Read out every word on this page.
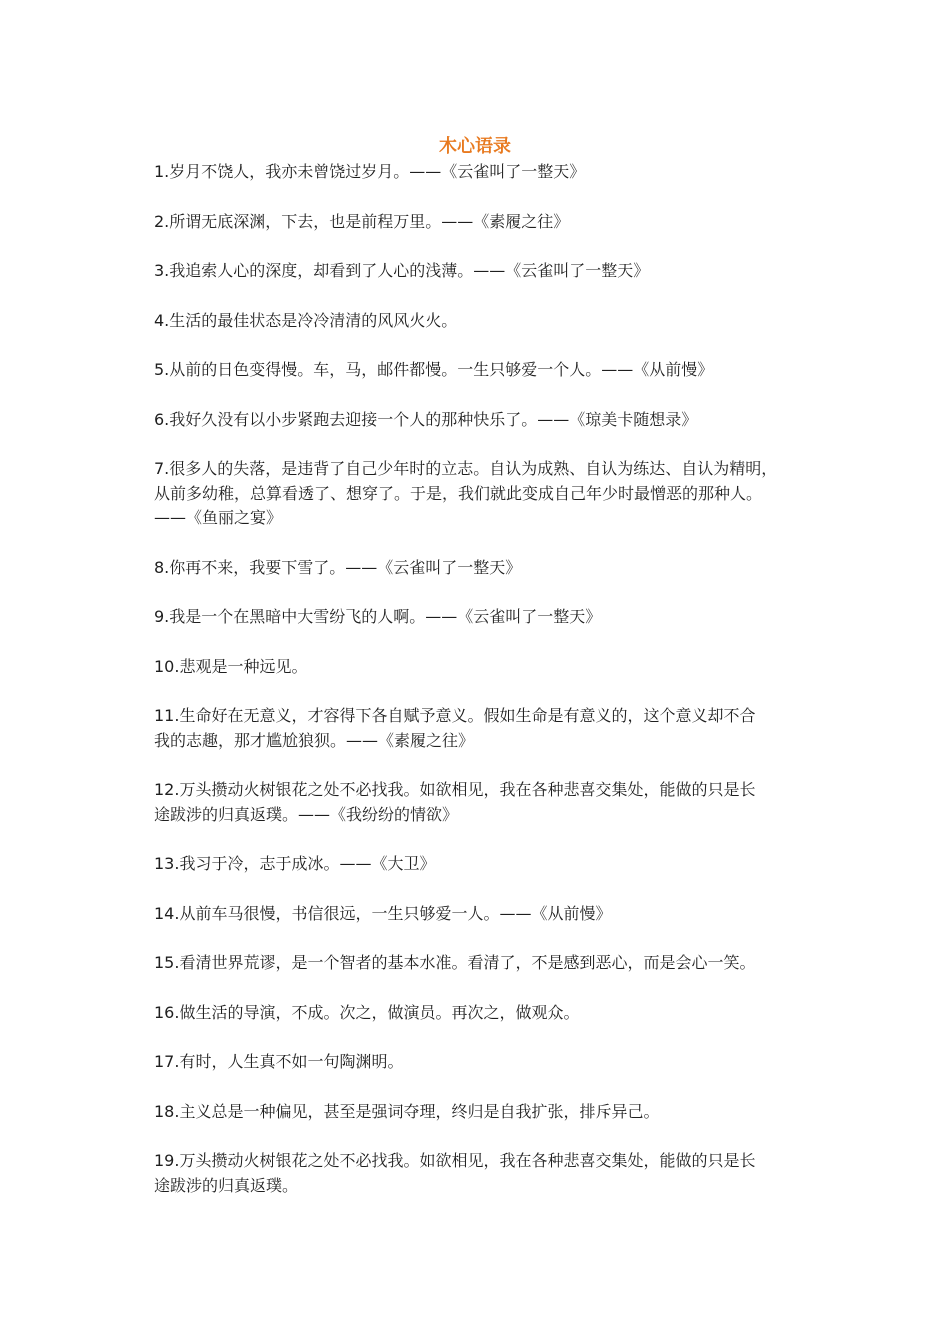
木心语录
1.岁月不饶人，我亦未曾饶过岁月。——《云雀叫了一整天》
2.所谓无底深渊，下去，也是前程万里。——《素履之往》
3.我追索人心的深度，却看到了人心的浅薄。——《云雀叫了一整天》
4.生活的最佳状态是冷冷清清的风风火火。
5.从前的日色变得慢。车，马，邮件都慢。一生只够爱一个人。——《从前慢》
6.我好久没有以小步紧跑去迎接一个人的那种快乐了。——《琼美卡随想录》
7.很多人的失落，是违背了自己少年时的立志。自认为成熟、自认为练达、自认为精明，
从前多幼稚，总算看透了、想穿了。于是，我们就此变成自己年少时最憎恶的那种人。
——《鱼丽之宴》
8.你再不来，我要下雪了。——《云雀叫了一整天》
9.我是一个在黑暗中大雪纷飞的人啊。——《云雀叫了一整天》
10.悲观是一种远见。
11.生命好在无意义，才容得下各自赋予意义。假如生命是有意义的，这个意义却不合
我的志趣，那才尴尬狼狈。——《素履之往》
12.万头攒动火树银花之处不必找我。如欲相见，我在各种悲喜交集处，能做的只是长
途跋涉的归真返璞。——《我纷纷的情欲》
13.我习于冷，志于成冰。——《大卫》
14.从前车马很慢，书信很远，一生只够爱一人。——《从前慢》
15.看清世界荒谬，是一个智者的基本水准。看清了，不是感到恶心，而是会心一笑。
16.做生活的导演，不成。次之，做演员。再次之，做观众。
17.有时，人生真不如一句陶渊明。
18.主义总是一种偏见，甚至是强词夺理，终归是自我扩张，排斥异己。
19.万头攒动火树银花之处不必找我。如欲相见，我在各种悲喜交集处，能做的只是长
途跋涉的归真返璞。
